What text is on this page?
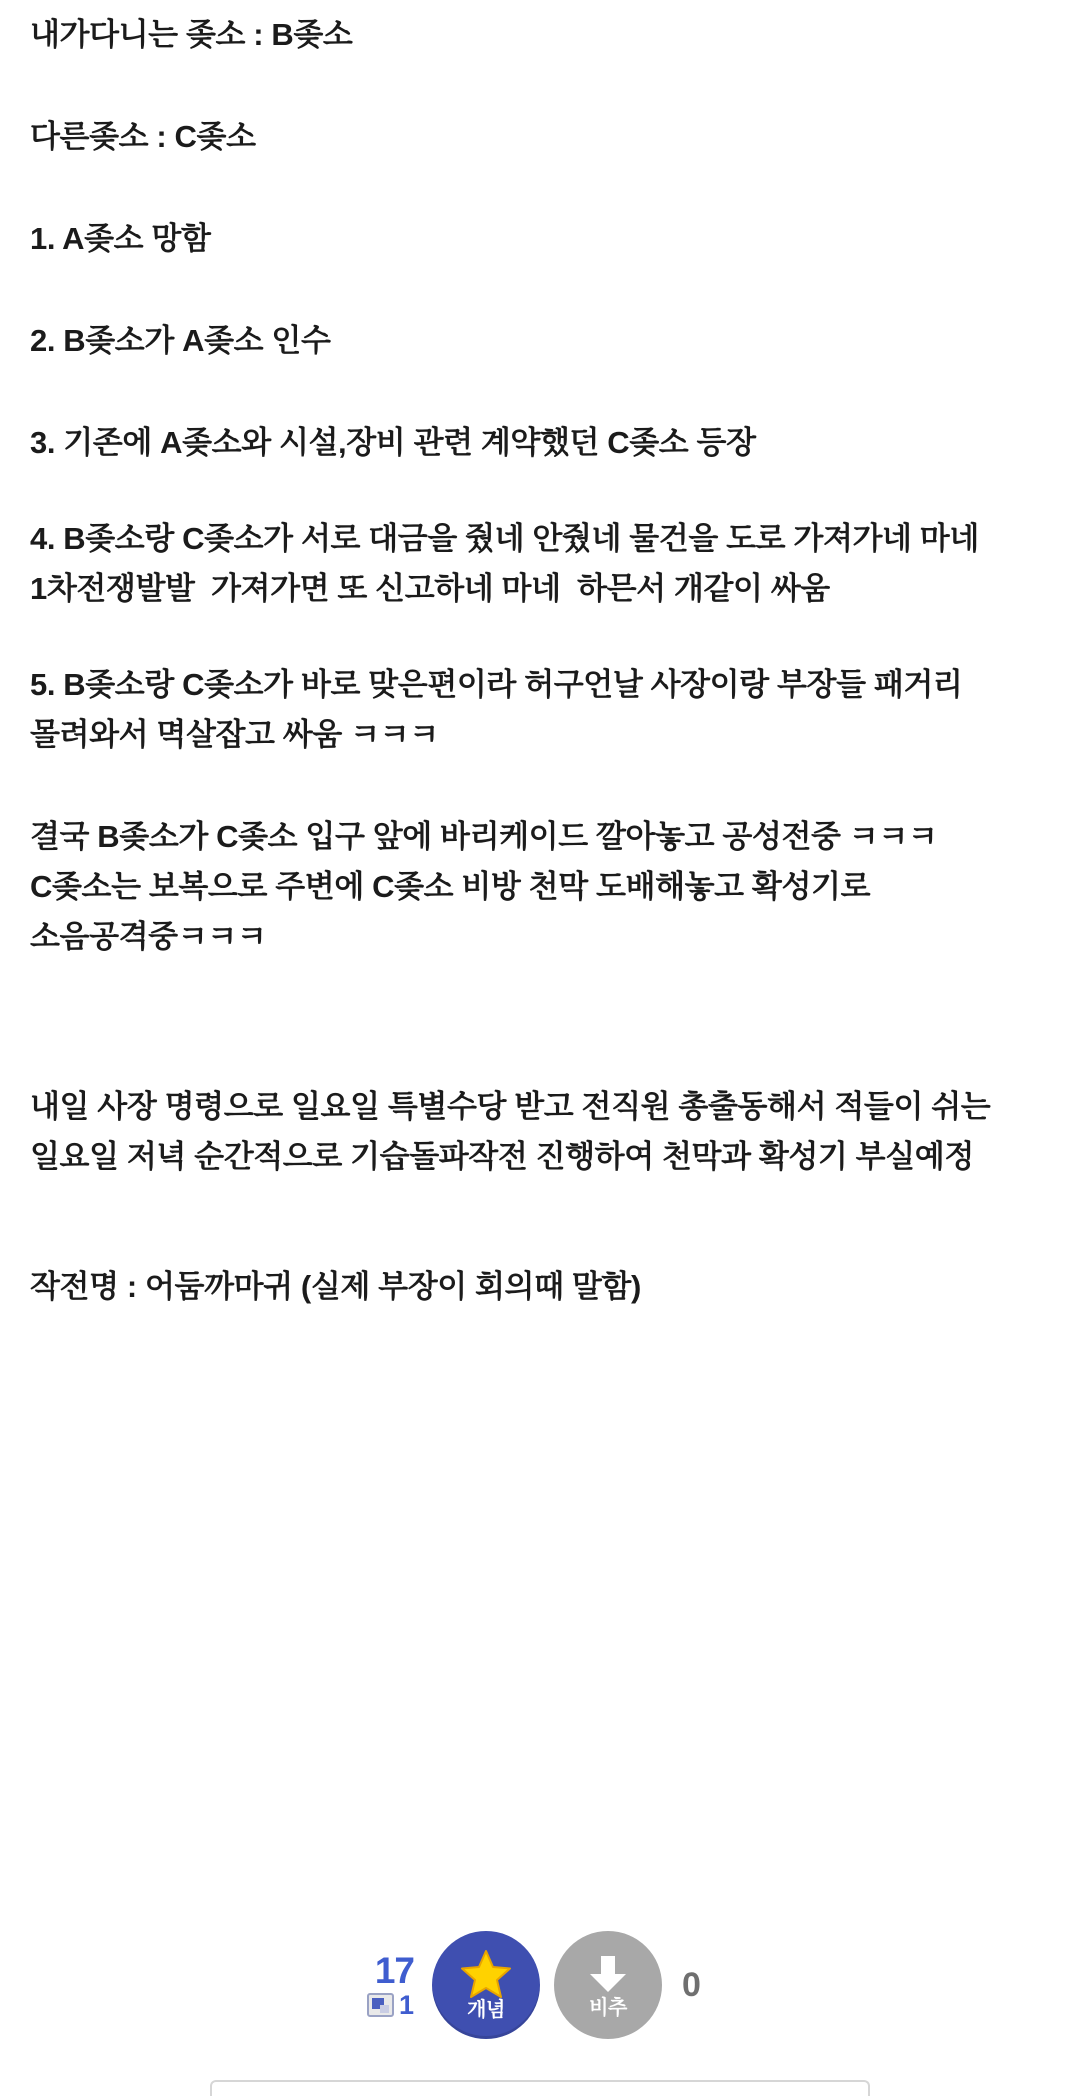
내가다니는 좆소 : B좆소
다른좆소 : C좆소
1. A좆소 망함
2. B좆소가 A좆소 인수
3. 기존에 A좆소와 시설,장비 관련 계약했던 C좆소 등장
4. B좆소랑 C좆소가 서로 대금을 줬네 안줬네 물건을 도로 가져가네 마네 1차전쟁발발  가져가면 또 신고하네 마네  하믄서 개같이 싸움
5. B좆소랑 C좆소가 바로 맞은편이라 허구언날 사장이랑 부장들 패거리 몰려와서 멱살잡고 싸움 ㅋㅋㅋ
결국 B좆소가 C좆소 입구 앞에 바리케이드 깔아놓고 공성전중 ㅋㅋㅋ C좆소는 보복으로 주변에 C좆소 비방 천막 도배해놓고 확성기로 소음공격중ㅋㅋㅋ
내일 사장 명령으로 일요일 특별수당 받고 전직원 총출동해서 적들이 쉬는 일요일 저녁 순간적으로 기습돌파작전 진행하여 천막과 확성기 부실예정
작전명 : 어둠까마귀 (실제 부장이 회의때 말함)
17
1	개념	비추
0
